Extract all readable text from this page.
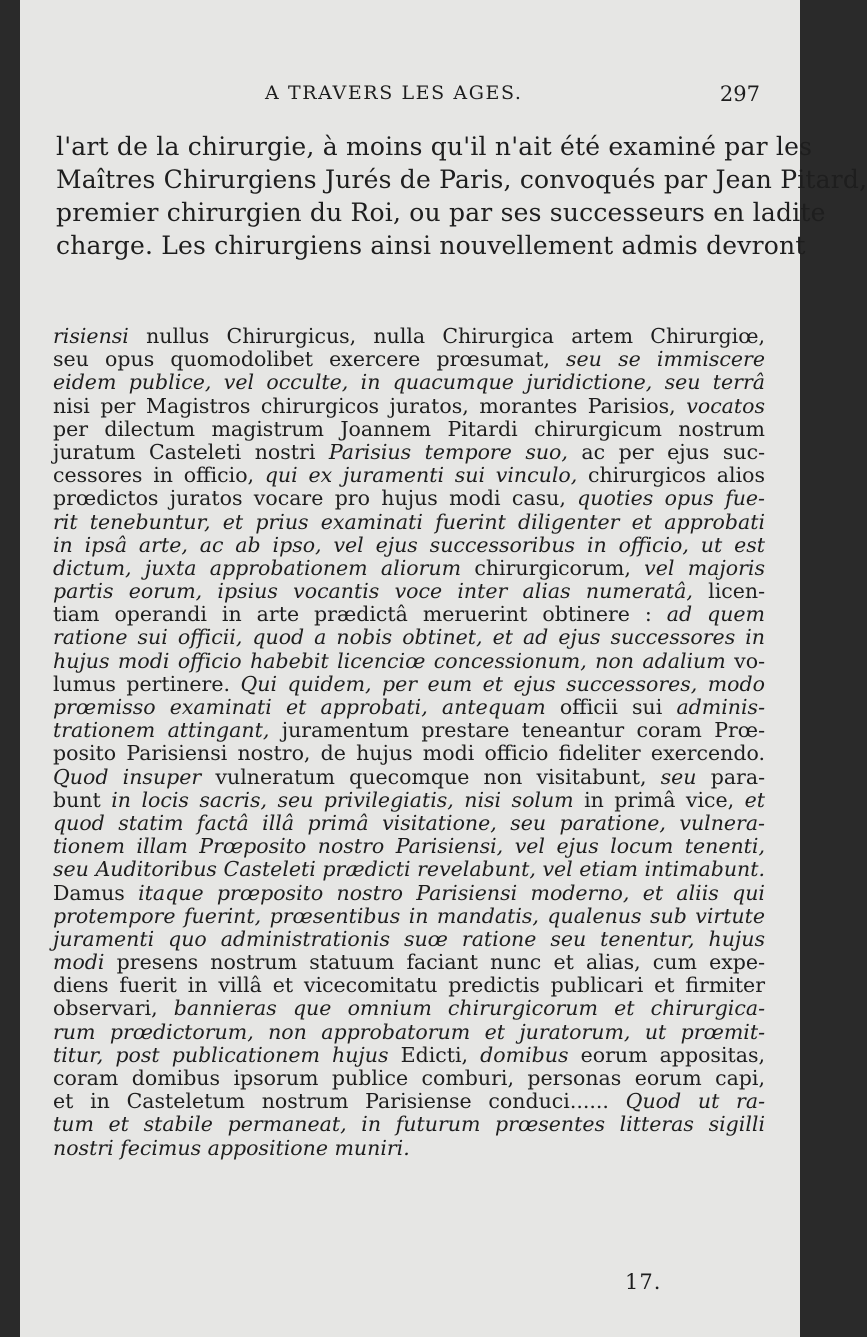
A TRAVERS LES AGES.	297
l'art de la chirurgie, à moins qu'il n'ait été examiné par les
Maîtres Chirurgiens Jurés de Paris, convoqués par Jean Pitard,
premier chirurgien du Roi, ou par ses successeurs en ladite
charge. Les chirurgiens ainsi nouvellement admis devront
risiensi nullus Chirurgicus, nulla Chirurgica artem Chirurgiœ,
seu opus quomodolibet exercere prœsumat, seu se immiscere
eidem publice, vel occulte, in quacumque juridictione, seu terrâ
nisi per Magistros chirurgicos juratos, morantes Parisios, vocatos
per dilectum magistrum Joannem Pitardi chirurgicum nostrum
juratum Casteleti nostri Parisius tempore suo, ac per ejus suc-
cessores in officio, qui ex juramenti sui vinculo, chirurgicos alios
prœdictos juratos vocare pro hujus modi casu, quoties opus fue-
rit tenebuntur, et prius examinati fuerint diligenter et approbati
in ipsâ arte, ac ab ipso, vel ejus successoribus in officio, ut est
dictum, juxta approbationem aliorum chirurgicorum, vel majoris
partis eorum, ipsius vocantis voce inter alias numeratâ, licen-
tiam operandi in arte prædictâ meruerint obtinere : ad quem
ratione sui officii, quod a nobis obtinet, et ad ejus successores in
hujus modi officio habebit licenciœ concessionum, non adalium vo-
lumus pertinere. Qui quidem, per eum et ejus successores, modo
prœmisso examinati et approbati, antequam officii sui adminis-
trationem attingant, juramentum prestare teneantur coram Prœ-
posito Parisiensi nostro, de hujus modi officio fideliter exercendo.
Quod insuper vulneratum quecomque non visitabunt, seu para-
bunt in locis sacris, seu privilegiatis, nisi solum in primâ vice, et
quod statim factâ illâ primâ visitatione, seu paratione, vulnera-
tionem illam Prœposito nostro Parisiensi, vel ejus locum tenenti,
seu Auditoribus Casteleti prædicti revelabunt, vel etiam intimabunt.
Damus itaque prœposito nostro Parisiensi moderno, et aliis qui
protempore fuerint, prœsentibus in mandatis, qualenus sub virtute
juramenti quo administrationis suœ ratione seu tenentur, hujus
modi presens nostrum statuum faciant nunc et alias, cum expe-
diens fuerit in villâ et vicecomitatu predictis publicari et firmiter
observari, bannieras que omnium chirurgicorum et chirurgica-
rum prœdictorum, non approbatorum et juratorum, ut prœmit-
titur, post publicationem hujus Edicti, domibus eorum appositas,
coram domibus ipsorum publice comburi, personas eorum capi,
et in Casteletum nostrum Parisiense conduci...... Quod ut ra-
tum et stabile permaneat, in futurum prœsentes litteras sigilli
nostri fecimus appositione muniri.
17.
